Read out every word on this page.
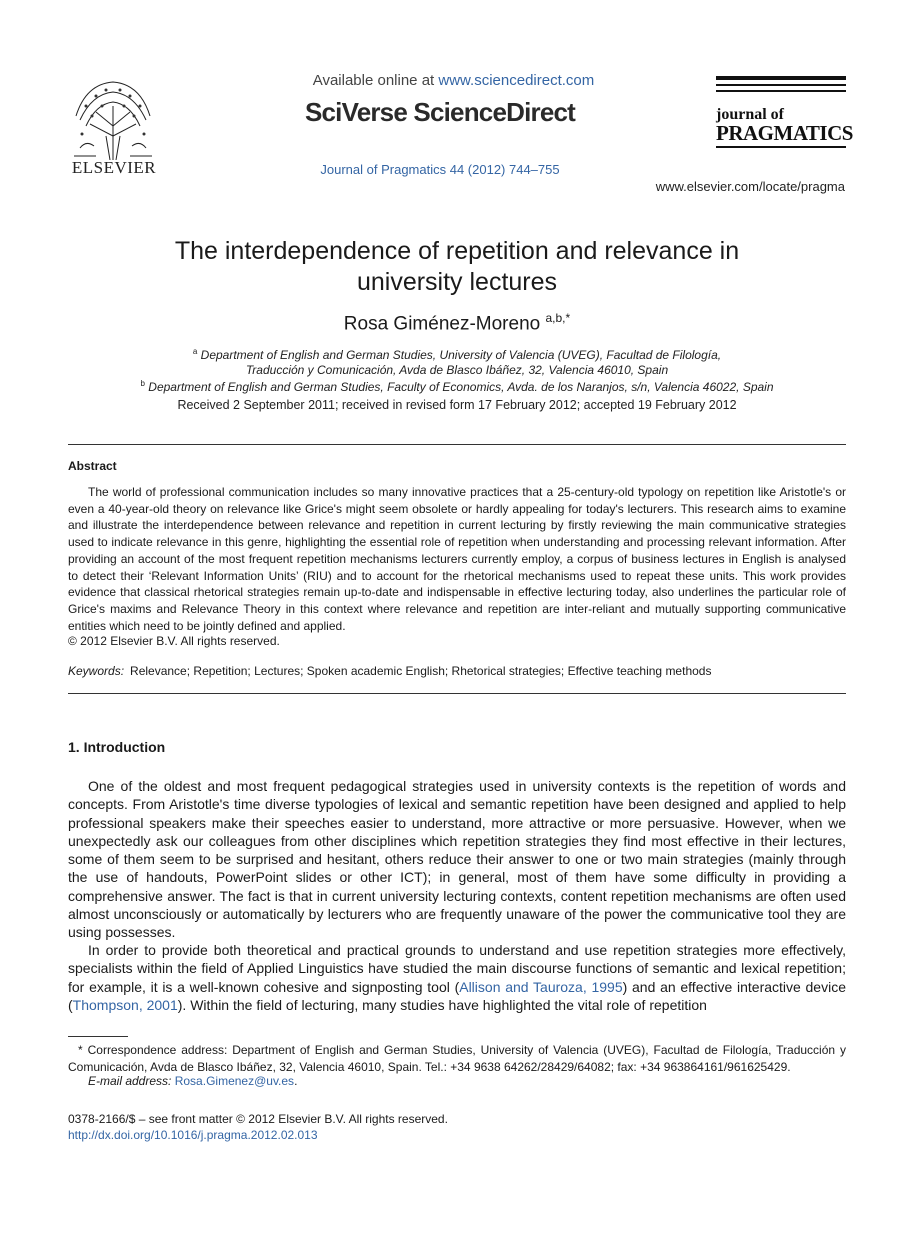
ELSEVIER
Available online at www.sciencedirect.com
SciVerse ScienceDirect
Journal of Pragmatics 44 (2012) 744–755
journal of
PRAGMATICS
www.elsevier.com/locate/pragma
The interdependence of repetition and relevance in
university lectures
Rosa Giménez-Moreno $^{a,b,*}$
$^a$ Department of English and German Studies, University of Valencia (UVEG), Facultad de Filología,
Traducción y Comunicación, Avda de Blasco Ibáñez, 32, Valencia 46010, Spain
$^b$ Department of English and German Studies, Faculty of Economics, Avda. de los Naranjos, s/n, Valencia 46022, Spain
Received 2 September 2011; received in revised form 17 February 2012; accepted 19 February 2012
Abstract

The world of professional communication includes so many innovative practices that a 25-century-old typology on repetition like Aristotle's or even a 40-year-old theory on relevance like Grice's might seem obsolete or hardly appealing for today's lecturers. This research aims to examine and illustrate the interdependence between relevance and repetition in current lecturing by firstly reviewing the main communicative strategies used to indicate relevance in this genre, highlighting the essential role of repetition when understanding and processing relevant information. After providing an account of the most frequent repetition mechanisms lecturers currently employ, a corpus of business lectures in English is analysed to detect their ‘Relevant Information Units’ (RIU) and to account for the rhetorical mechanisms used to repeat these units. This work provides evidence that classical rhetorical strategies remain up-to-date and indispensable in effective lecturing today, also underlines the particular role of Grice's maxims and Relevance Theory in this context where relevance and repetition are inter-reliant and mutually supporting communicative entities which need to be jointly defined and applied.

© 2012 Elsevier B.V. All rights reserved.
Keywords: Relevance; Repetition; Lectures; Spoken academic English; Rhetorical strategies; Effective teaching methods
1. Introduction

One of the oldest and most frequent pedagogical strategies used in university contexts is the repetition of words and concepts. From Aristotle's time diverse typologies of lexical and semantic repetition have been designed and applied to help professional speakers make their speeches easier to understand, more attractive or more persuasive. However, when we unexpectedly ask our colleagues from other disciplines which repetition strategies they find most effective in their lectures, some of them seem to be surprised and hesitant, others reduce their answer to one or two main strategies (mainly through the use of handouts, PowerPoint slides or other ICT); in general, most of them have some difficulty in providing a comprehensive answer. The fact is that in current university lecturing contexts, content repetition mechanisms are often used almost unconsciously or automatically by lecturers who are frequently unaware of the power the communicative tool they are using possesses.

In order to provide both theoretical and practical grounds to understand and use repetition strategies more effectively, specialists within the field of Applied Linguistics have studied the main discourse functions of semantic and lexical repetition; for example, it is a well-known cohesive and signposting tool (Allison and Tauroza, 1995) and an effective interactive device (Thompson, 2001). Within the field of lecturing, many studies have highlighted the vital role of repetition

* Correspondence address: Department of English and German Studies, University of Valencia (UVEG), Facultad de Filología, Traducción y Comunicación, Avda de Blasco Ibáñez, 32, Valencia 46010, Spain. Tel.: +34 9638 64262/28429/64082; fax: +34 963864161/961625429.

E-mail address: Rosa.Gimenez@uv.es.
0378-2166/$ – see front matter © 2012 Elsevier B.V. All rights reserved.
http://dx.doi.org/10.1016/j.pragma.2012.02.013
